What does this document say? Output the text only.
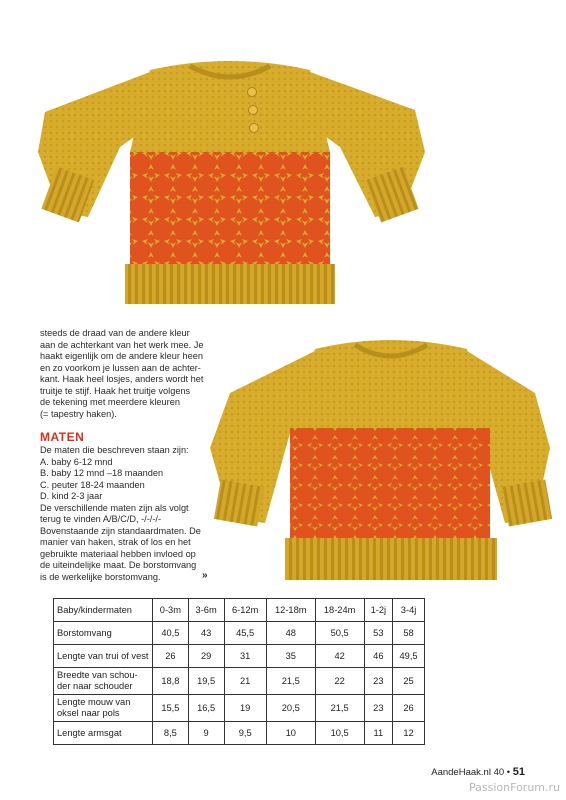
steeds de draad van de andere kleur

aan de achterkant van het werk mee. Je

haakt eigenlijk om de andere kleur heen

en zo voorkom je lussen aan de achter-

kant. Haak heel losjes, anders wordt het

truitje te stijf. Haak het truitje volgens

de tekening met meerdere kleuren

(= tapestry haken).

MATEN
De maten die beschreven staan zijn:
A. baby 6-12 mnd
B. baby 12 mnd –18 maanden
C. peuter 18-24 maanden
D. kind 2-3 jaar
De verschillende maten zijn als volgt
terug te vinden A/B/C/D, -/-/-/-
Bovenstaande zijn standaardmaten. De
manier van haken, strak of los en het
gebruikte materiaal hebben invloed op
de uiteindelijke maat. De borstomvang
is de werkelijke borstomvang.	»
Baby/kindermaten	0-3m	3-6m	6-12m	12-18m	18-24m	1-2j	3-4j
Borstomvang	40,5	43	45,5	48	50,5	53	58
Lengte van trui of vest	26	29	31	35	42	46	49,5
Breedte van schou-der naar schouder	18,8	19,5	21	21,5	22	23	25
Lengte mouw van oksel naar pols	15,5	16,5	19	20,5	21,5	23	26
Lengte armsgat	8,5	9	9,5	10	10,5	11	12
AandeHaak.nl 40 • 51
PassionForum.ru
